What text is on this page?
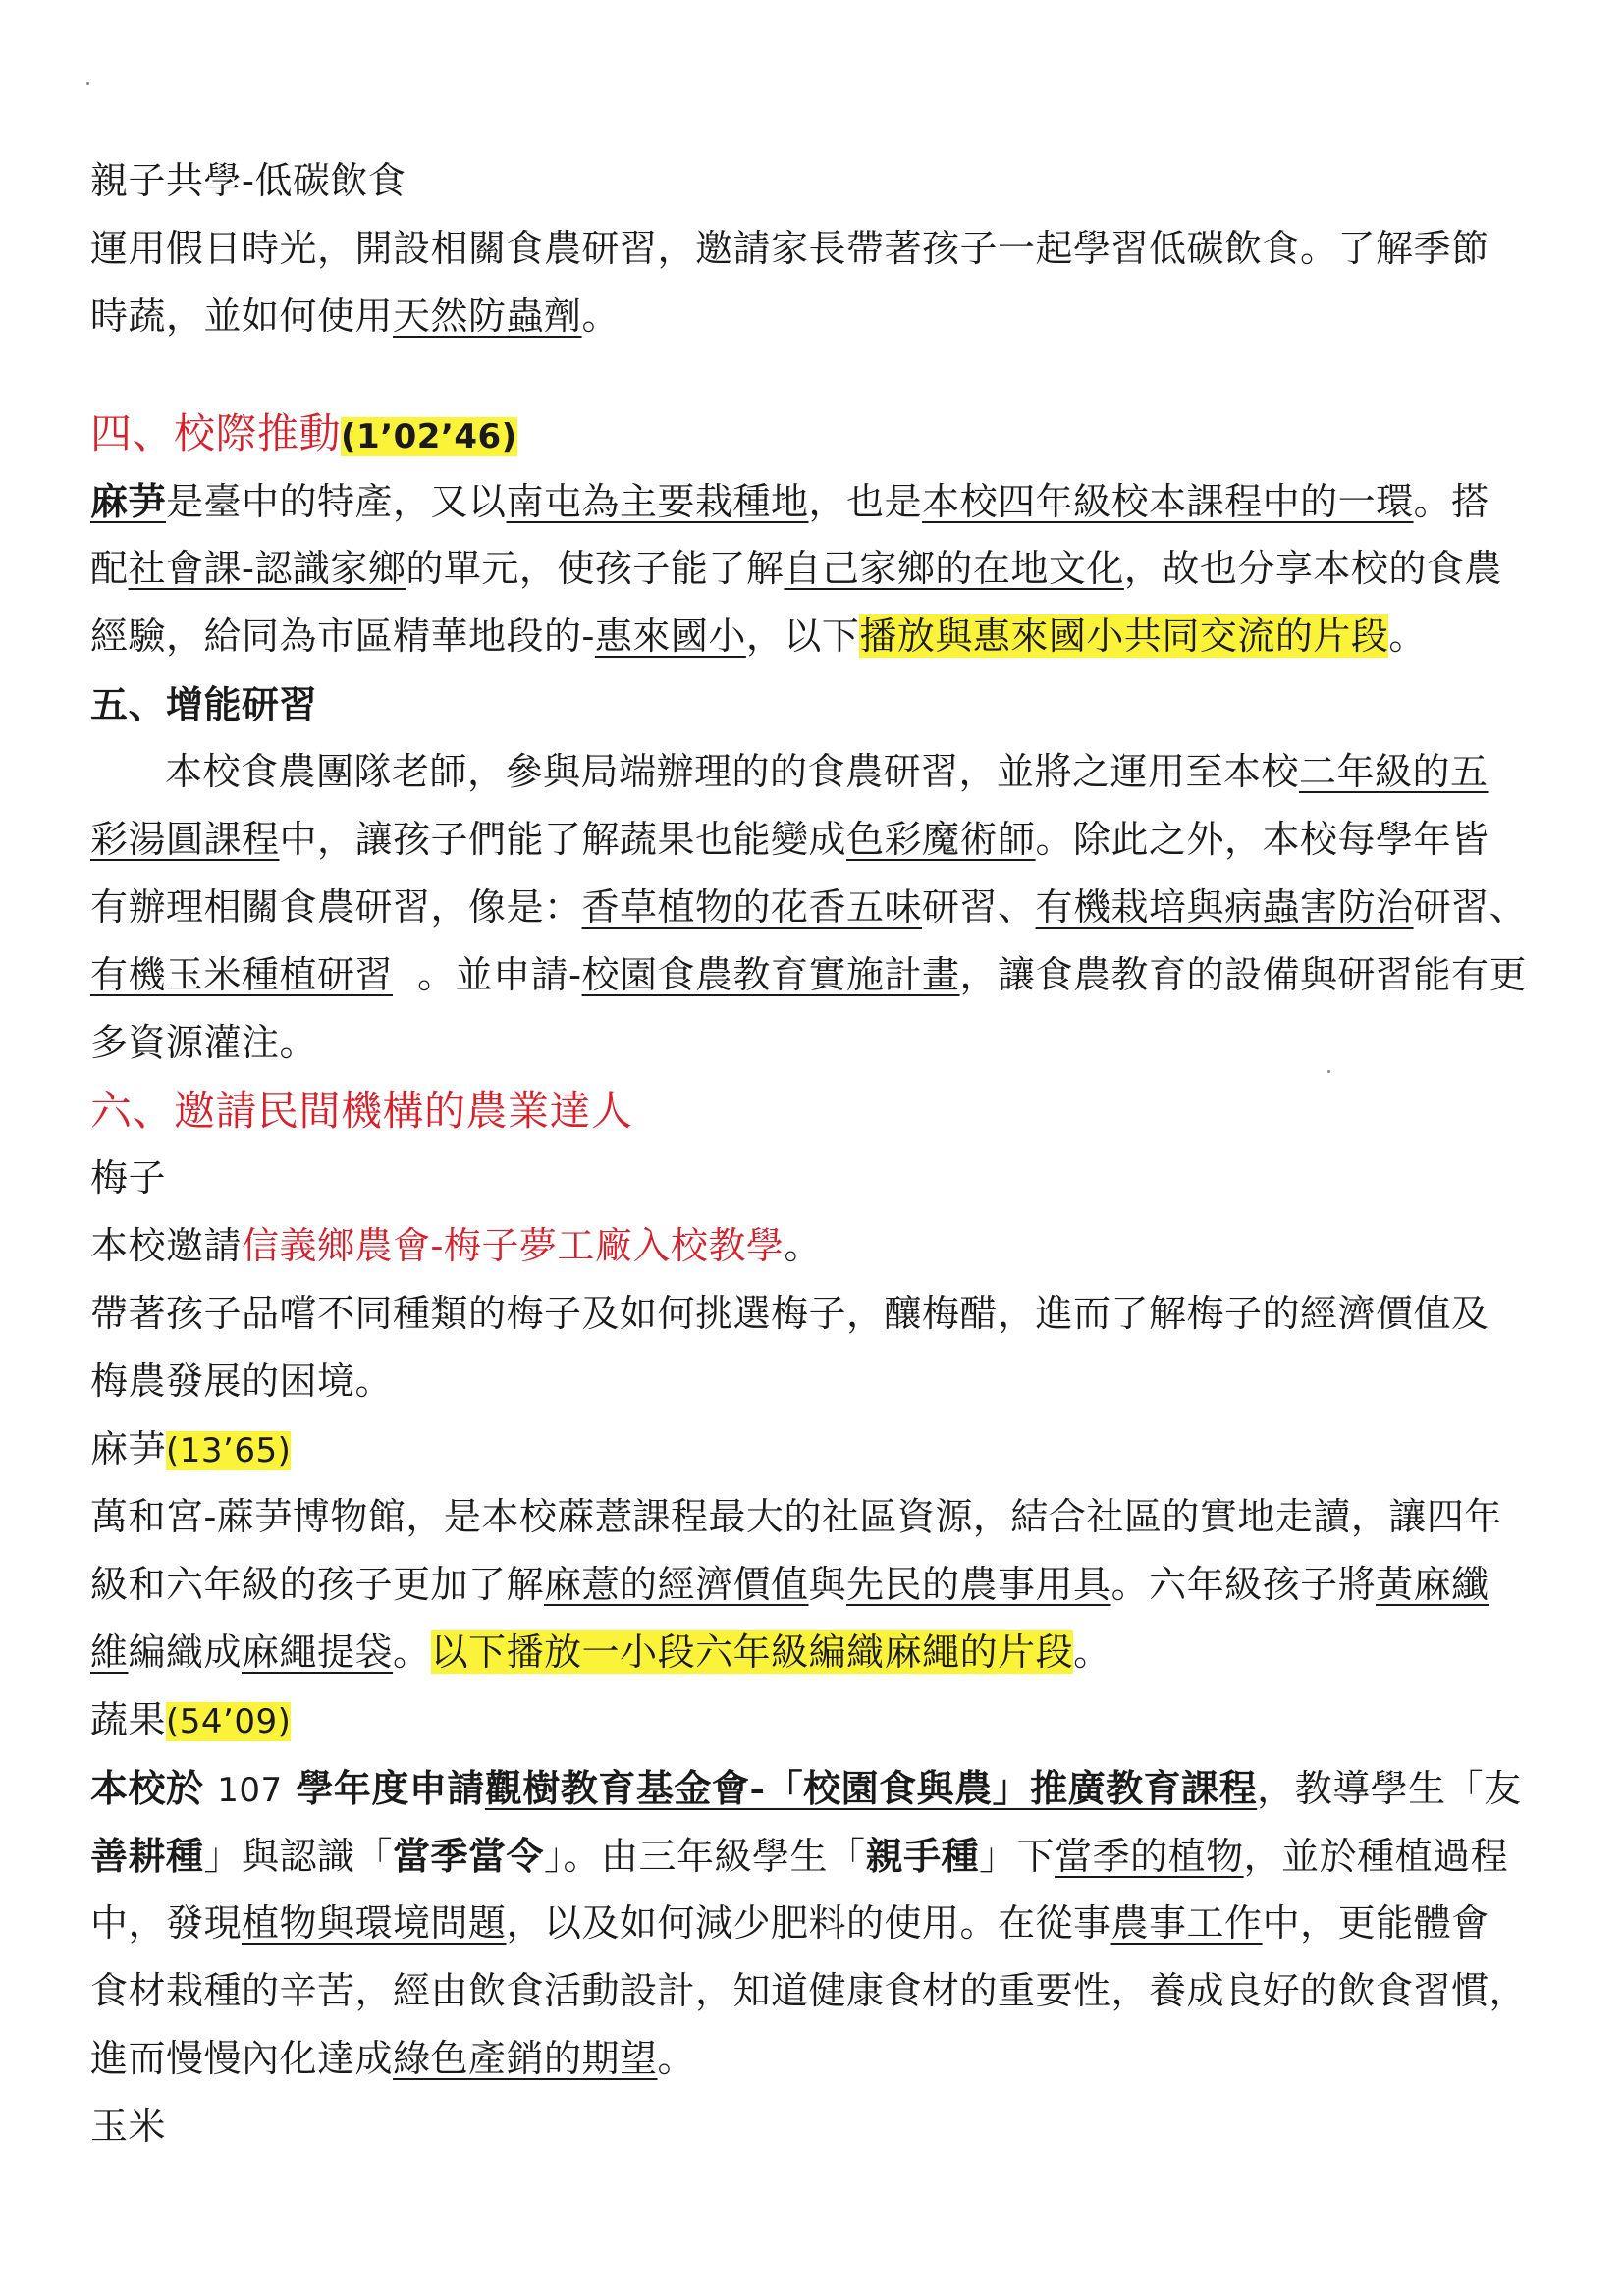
親子共學-低碳飲食
運用假日時光，開設相關食農研習，邀請家長帶著孩子一起學習低碳飲食。了解季節
時蔬，並如何使用天然防蟲劑。
四、校際推動(1’02’46)
麻芛是臺中的特產，又以南屯為主要栽種地，也是本校四年級校本課程中的一環。搭
配社會課-認識家鄉的單元，使孩子能了解自己家鄉的在地文化，故也分享本校的食農
經驗，給同為市區精華地段的-惠來國小，以下播放與惠來國小共同交流的片段。
五、增能研習
本校食農團隊老師，參與局端辦理的的食農研習，並將之運用至本校二年級的五
彩湯圓課程中，讓孩子們能了解蔬果也能變成色彩魔術師。除此之外，本校每學年皆
有辦理相關食農研習，像是：香草植物的花香五味研習、有機栽培與病蟲害防治研習、
有機玉米種植研習  。並申請-校園食農教育實施計畫，讓食農教育的設備與研習能有更
多資源灌注。
六、邀請民間機構的農業達人
梅子
本校邀請信義鄉農會-梅子夢工廠入校教學。
帶著孩子品嚐不同種類的梅子及如何挑選梅子，釀梅醋，進而了解梅子的經濟價值及
梅農發展的困境。
麻芛(13’65)
萬和宮-蔴芛博物館，是本校蔴薏課程最大的社區資源，結合社區的實地走讀，讓四年
級和六年級的孩子更加了解麻薏的經濟價值與先民的農事用具。六年級孩子將黃麻纖
維編織成麻繩提袋。以下播放一小段六年級編織麻繩的片段。
蔬果(54’09)
本校於 107 學年度申請觀樹教育基金會-「校園食與農」推廣教育課程，教導學生「友
善耕種」與認識「當季當令」。由三年級學生「親手種」下當季的植物，並於種植過程
中，發現植物與環境問題，以及如何減少肥料的使用。在從事農事工作中，更能體會
食材栽種的辛苦，經由飲食活動設計，知道健康食材的重要性，養成良好的飲食習慣，
進而慢慢內化達成綠色產銷的期望。
玉米
